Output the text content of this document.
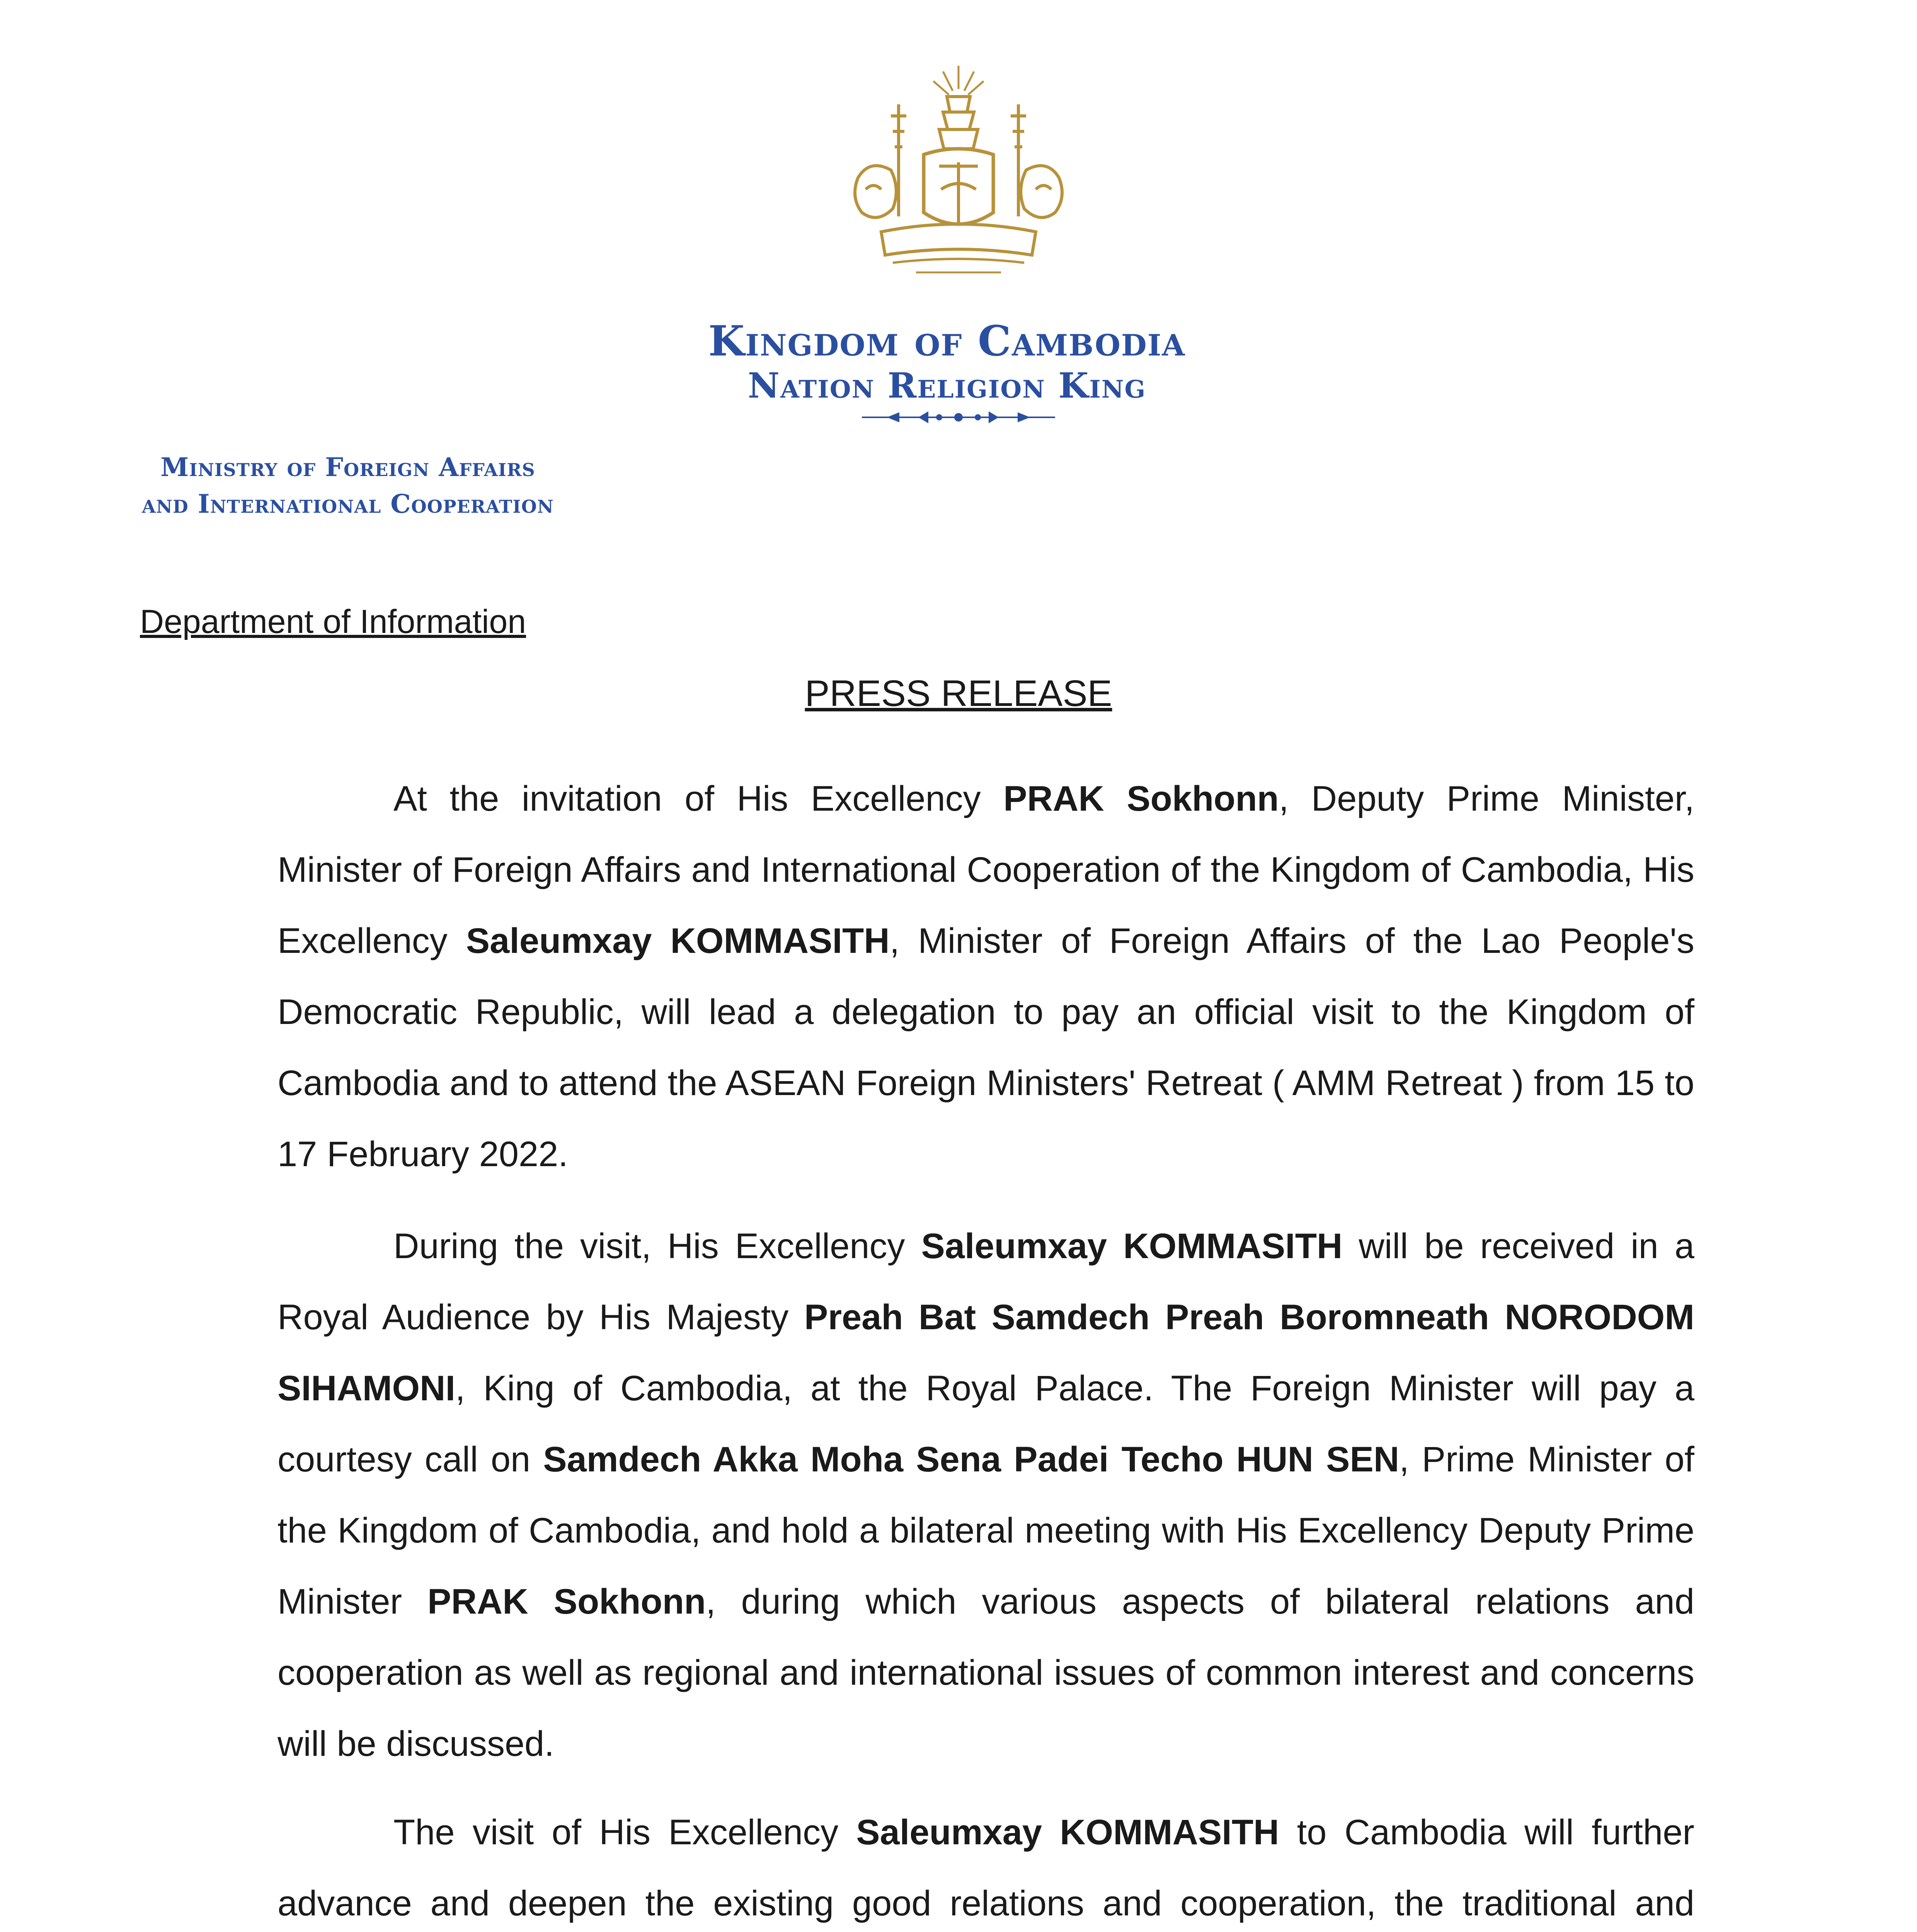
Kingdom of Cambodia
Nation Religion King
Ministry of Foreign Affairs
and International Cooperation
Department of Information
PRESS RELEASE
At the invitation of His Excellency PRAK Sokhonn, Deputy Prime Minister, Minister of Foreign Affairs and International Cooperation of the Kingdom of Cambodia, His Excellency Saleumxay KOMMASITH, Minister of Foreign Affairs of the Lao People's Democratic Republic, will lead a delegation to pay an official visit to the Kingdom of Cambodia and to attend the ASEAN Foreign Ministers' Retreat ( AMM Retreat ) from 15 to 17 February 2022.
During the visit, His Excellency Saleumxay KOMMASITH will be received in a Royal Audience by His Majesty Preah Bat Samdech Preah Boromneath NORODOM SIHAMONI, King of Cambodia, at the Royal Palace. The Foreign Minister will pay a courtesy call on Samdech Akka Moha Sena Padei Techo HUN SEN, Prime Minister of the Kingdom of Cambodia, and hold a bilateral meeting with His Excellency Deputy Prime Minister PRAK Sokhonn, during which various aspects of bilateral relations and cooperation as well as regional and international issues of common interest and concerns will be discussed.
The visit of His Excellency Saleumxay KOMMASITH to Cambodia will further advance and deepen the existing good relations and cooperation, the traditional and
